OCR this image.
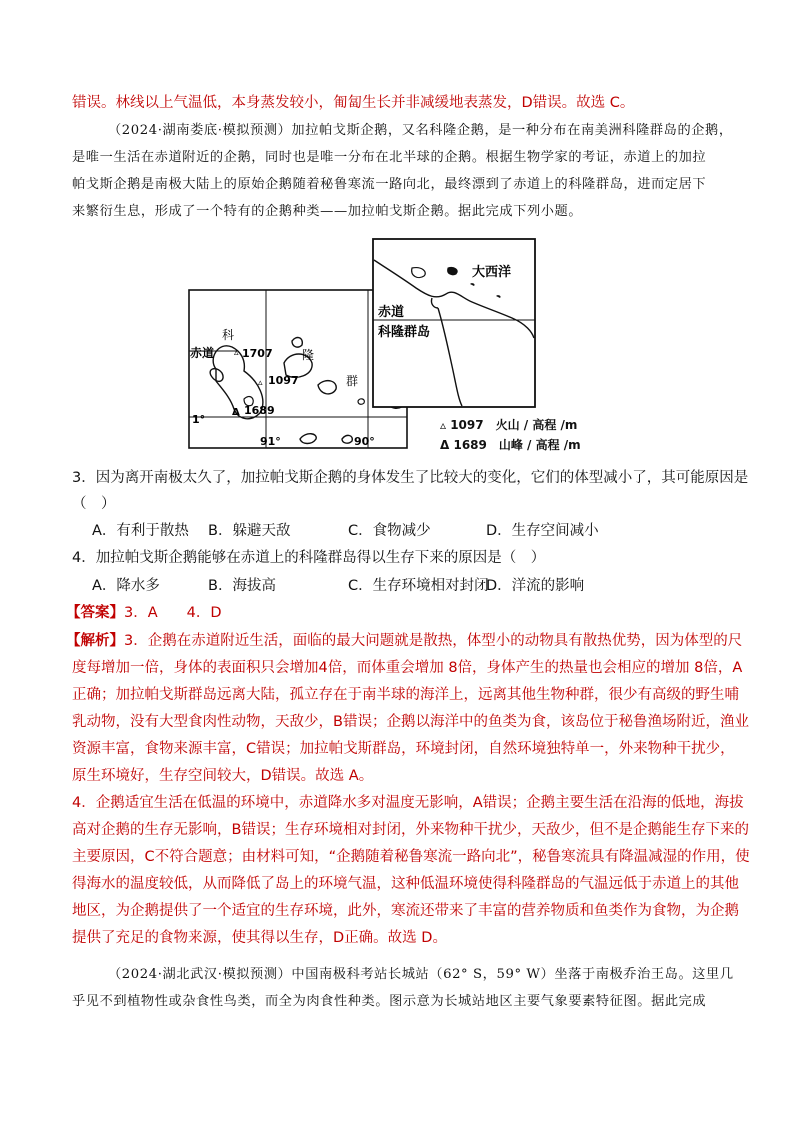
错误。林线以上气温低，本身蒸发较小，匍匐生长并非减缓地表蒸发，D错误。故选 C。
（2024·湖南娄底·模拟预测）加拉帕戈斯企鹅，又名科隆企鹅，是一种分布在南美洲科隆群岛的企鹅，
是唯一生活在赤道附近的企鹅，同时也是唯一分布在北半球的企鹅。根据生物学家的考证，赤道上的加拉
帕戈斯企鹅是南极大陆上的原始企鹅随着秘鲁寒流一路向北，最终漂到了赤道上的科隆群岛，进而定居下
来繁衍生息，形成了一个特有的企鹅种类——加拉帕戈斯企鹅。据此完成下列小题。
▵
▵
Δ
科
隆
群
赤道	1707
1097
1689
1°
91°	90°
大西洋
赤道
科隆群岛
▵ 1097　火山 / 高程 /m
Δ 1689　山峰 / 高程 /m
3．因为离开南极太久了，加拉帕戈斯企鹅的身体发生了比较大的变化，它们的体型减小了，其可能原因是
（　）
A．有利于散热 B．躲避天敌	C．食物减少	D．生存空间减小
4．加拉帕戈斯企鹅能够在赤道上的科隆群岛得以生存下来的原因是（　）
A．降水多	B．海拔高	C．生存环境相对封闭
D．洋流的影响
【答案】3．A　　4．D
【解析】3．企鹅在赤道附近生活，面临的最大问题就是散热，体型小的动物具有散热优势，因为体型的尺
度每增加一倍，身体的表面积只会增加4倍，而体重会增加 8倍，身体产生的热量也会相应的增加 8倍，A
正确；加拉帕戈斯群岛远离大陆，孤立存在于南半球的海洋上，远离其他生物种群，很少有高级的野生哺
乳动物，没有大型食肉性动物，天敌少，B错误；企鹅以海洋中的鱼类为食，该岛位于秘鲁渔场附近，渔业
资源丰富，食物来源丰富，C错误；加拉帕戈斯群岛，环境封闭，自然环境独特单一，外来物种干扰少，
原生环境好，生存空间较大，D错误。故选 A。
4．企鹅适宜生活在低温的环境中，赤道降水多对温度无影响，A错误；企鹅主要生活在沿海的低地，海拔
高对企鹅的生存无影响，B错误；生存环境相对封闭，外来物种干扰少，天敌少，但不是企鹅能生存下来的
主要原因，C不符合题意；由材料可知，“企鹅随着秘鲁寒流一路向北”，秘鲁寒流具有降温减湿的作用，使
得海水的温度较低，从而降低了岛上的环境气温，这种低温环境使得科隆群岛的气温远低于赤道上的其他
地区，为企鹅提供了一个适宜的生存环境，此外，寒流还带来了丰富的营养物质和鱼类作为食物，为企鹅
提供了充足的食物来源，使其得以生存，D正确。故选 D。
（2024·湖北武汉·模拟预测）中国南极科考站长城站（62° S，59° W）坐落于南极乔治王岛。这里几
乎见不到植物性或杂食性鸟类，而全为肉食性种类。图示意为长城站地区主要气象要素特征图。据此完成
